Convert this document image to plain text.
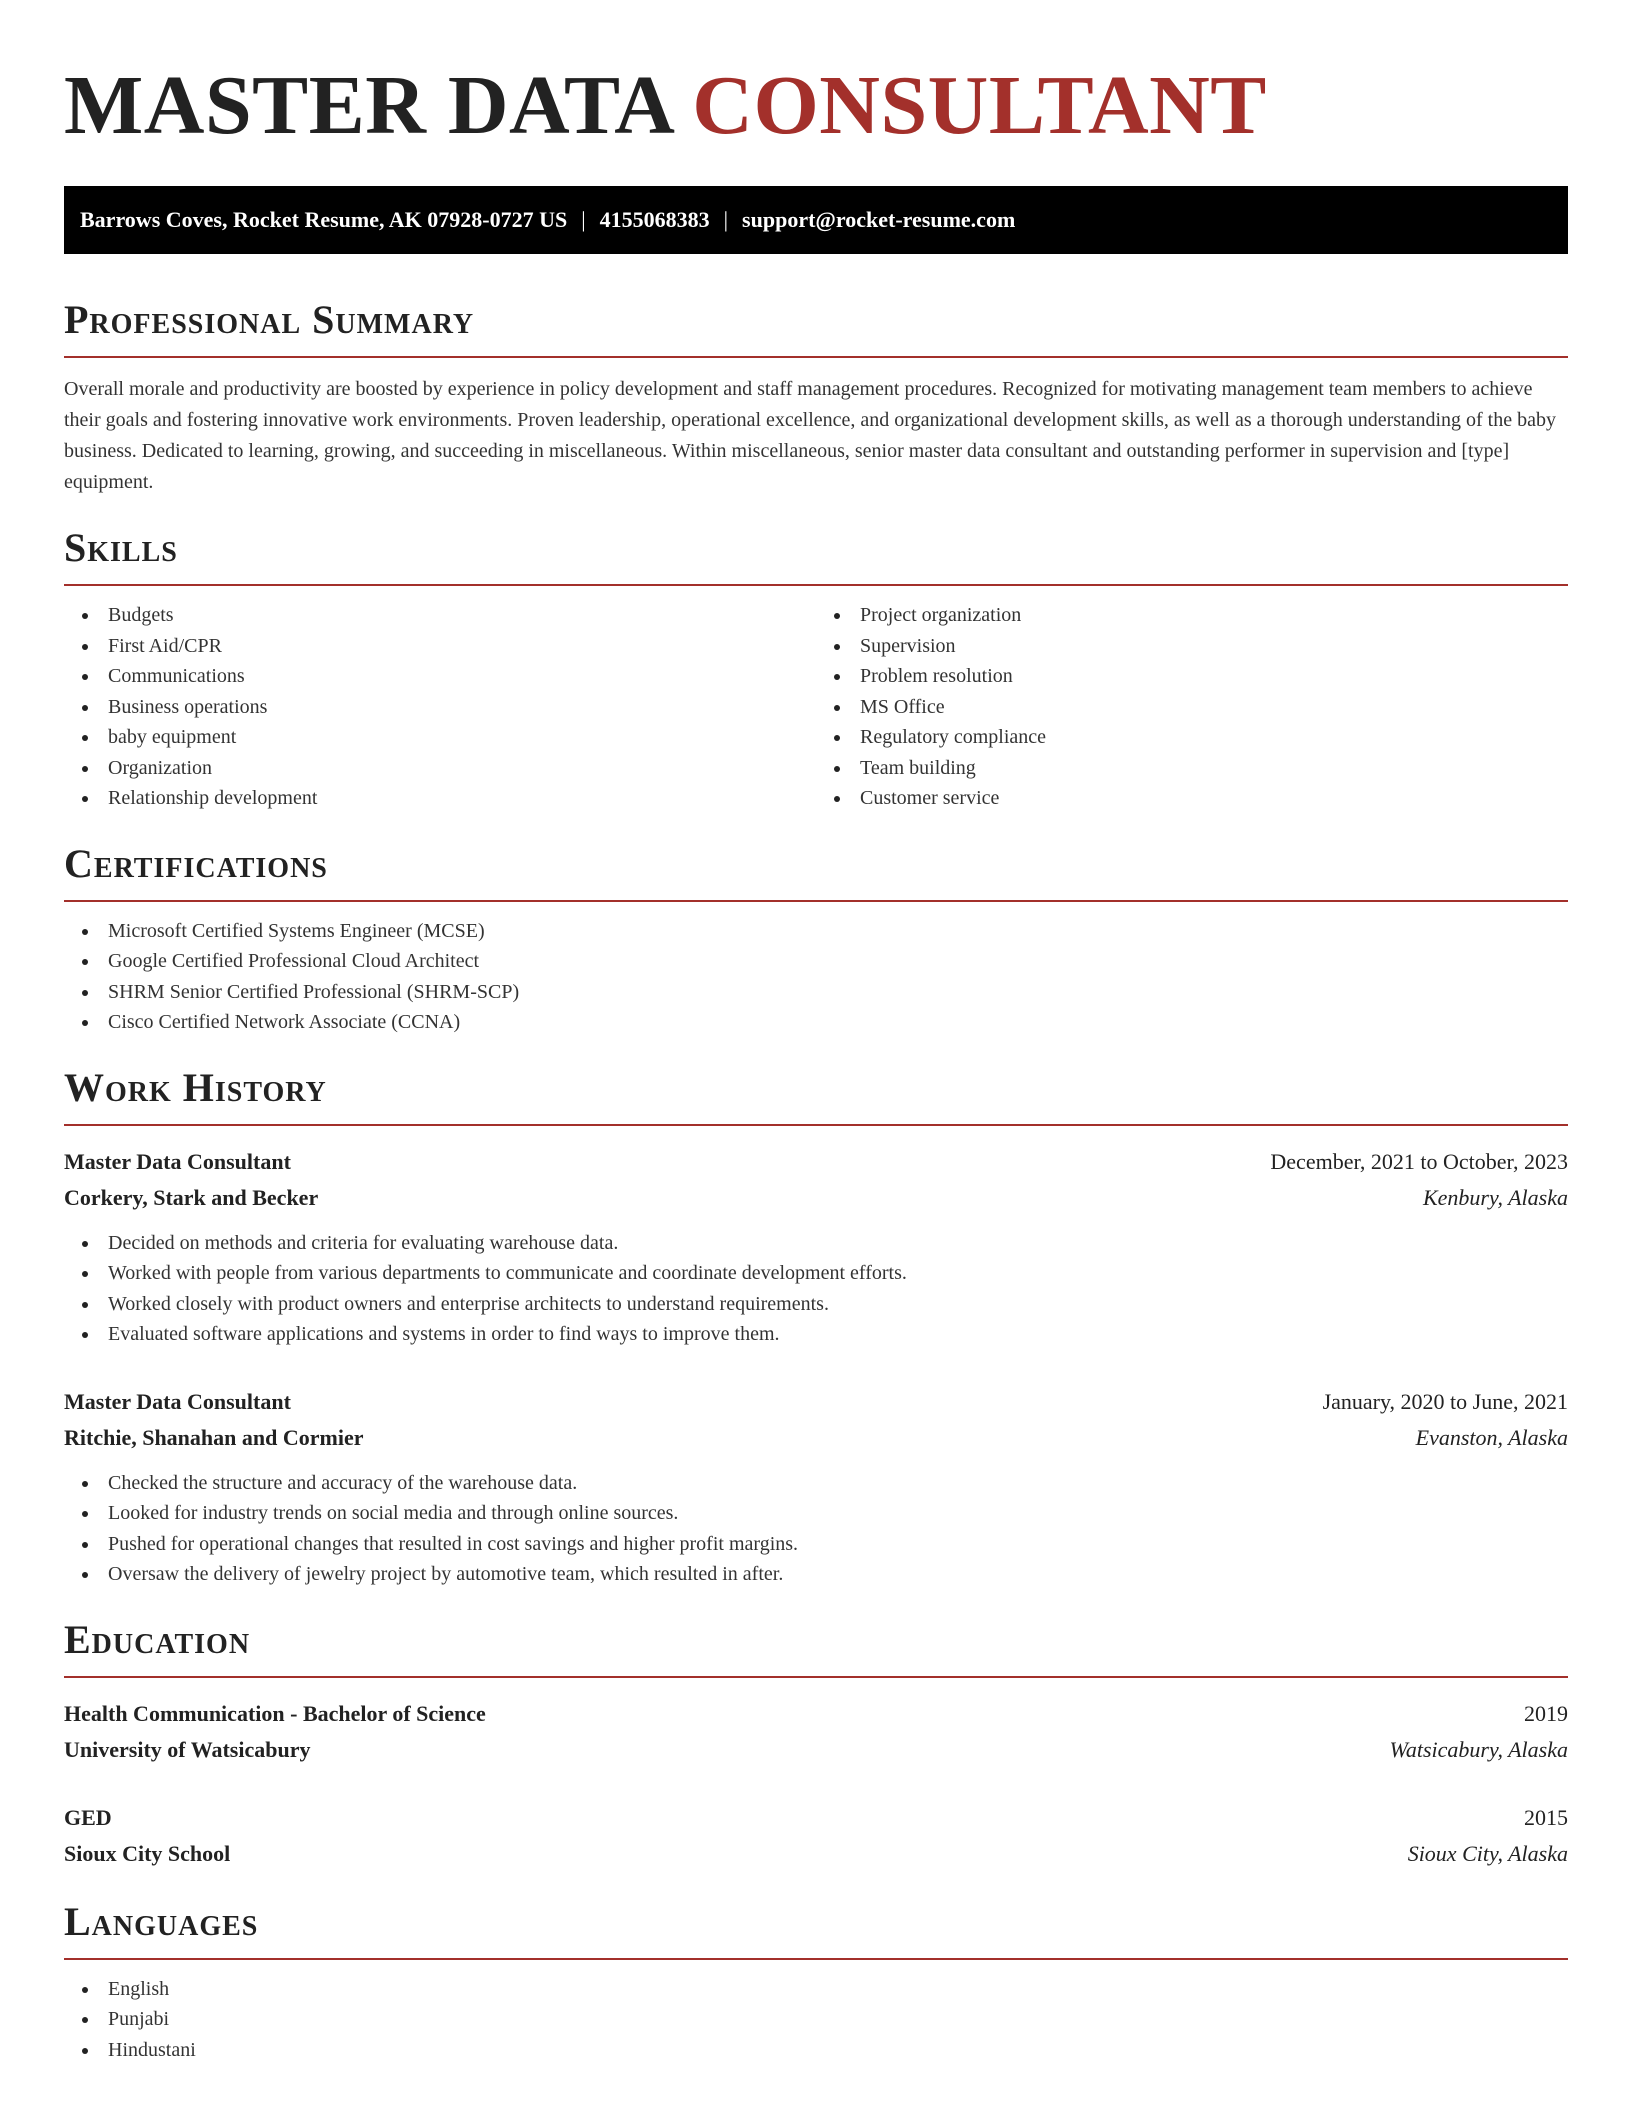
MASTER DATA CONSULTANT
Barrows Coves, Rocket Resume, AK 07928-0727 US | 4155068383 | support@rocket-resume.com
Professional Summary

Overall morale and productivity are boosted by experience in policy development and staff management procedures. Recognized for motivating management team members to achieve their goals and fostering innovative work environments. Proven leadership, operational excellence, and organizational development skills, as well as a thorough understanding of the baby business. Dedicated to learning, growing, and succeeding in miscellaneous. Within miscellaneous, senior master data consultant and outstanding performer in supervision and [type] equipment.

Skills
Budgets
First Aid/CPR
Communications
Business operations
baby equipment
Organization
Relationship development
Project organization
Supervision
Problem resolution
MS Office
Regulatory compliance
Team building
Customer service
Certifications
Microsoft Certified Systems Engineer (MCSE)
Google Certified Professional Cloud Architect
SHRM Senior Certified Professional (SHRM-SCP)
Cisco Certified Network Associate (CCNA)
Work History
Master Data Consultant	December, 2021 to October, 2023
Corkery, Stark and Becker	Kenbury, Alaska
Decided on methods and criteria for evaluating warehouse data.
Worked with people from various departments to communicate and coordinate development efforts.
Worked closely with product owners and enterprise architects to understand requirements.
Evaluated software applications and systems in order to find ways to improve them.
Master Data Consultant	January, 2020 to June, 2021
Ritchie, Shanahan and Cormier	Evanston, Alaska
Checked the structure and accuracy of the warehouse data.
Looked for industry trends on social media and through online sources.
Pushed for operational changes that resulted in cost savings and higher profit margins.
Oversaw the delivery of jewelry project by automotive team, which resulted in after.
Education
Health Communication - Bachelor of Science	2019
University of Watsicabury	Watsicabury, Alaska
GED	2015
Sioux City School	Sioux City, Alaska
Languages
English
Punjabi
Hindustani
